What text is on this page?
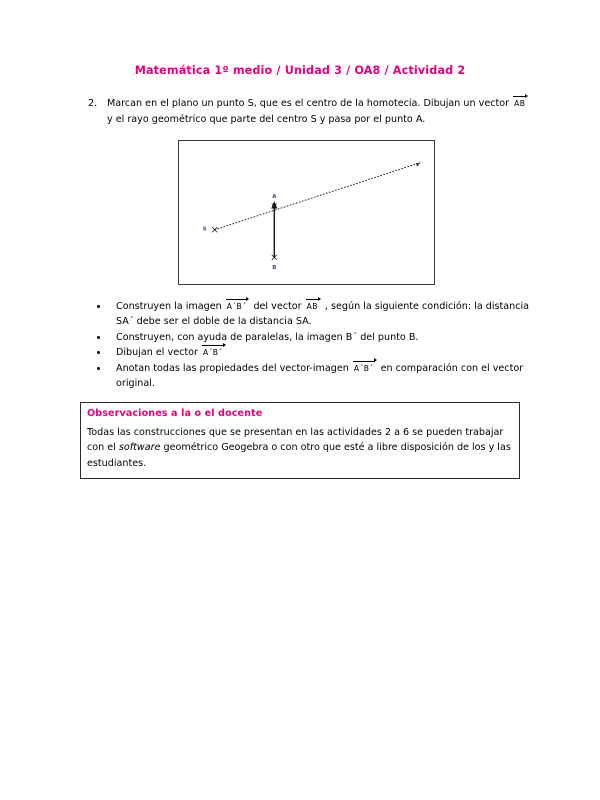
Matemática 1º medio / Unidad 3 / OA8 / Actividad 2
2.	Marcan en el plano un punto S, que es el centro de la homotecia. Dibujan un vector AB y el rayo geométrico que parte del centro S y pasa por el punto A.
S
A
B
Construyen la imagen A´B´ del vector AB , según la siguiente condición: la distancia SA´ debe ser el doble de la distancia SA.
Construyen, con ayuda de paralelas, la imagen B´ del punto B.
Dibujan el vector A´B´
Anotan todas las propiedades del vector-imagen A´B´ en comparación con el vector original.
Observaciones a la o el docente
Todas las construcciones que se presentan en las actividades 2 a 6 se pueden trabajar con el software geométrico Geogebra o con otro que esté a libre disposición de los y las estudiantes.
